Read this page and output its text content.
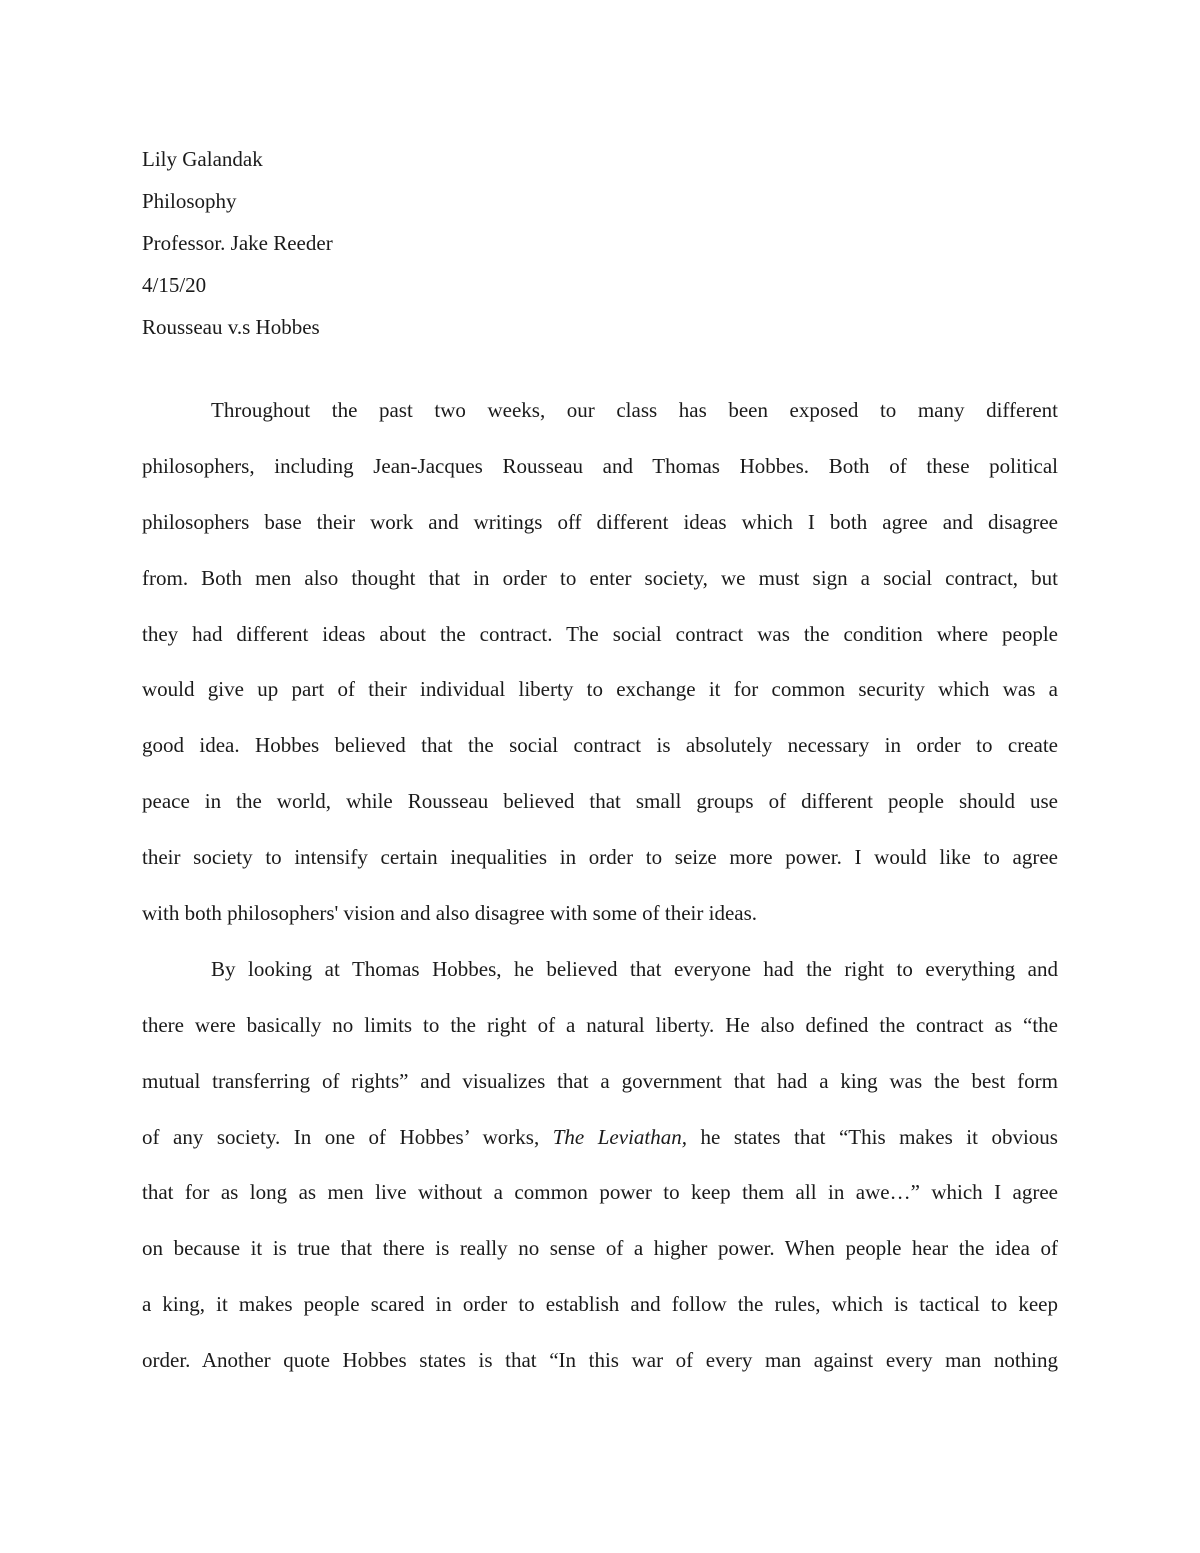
Lily Galandak
Philosophy
Professor. Jake Reeder
4/15/20
Rousseau v.s Hobbes
Throughout the past two weeks, our class has been exposed to many different
philosophers, including Jean-Jacques Rousseau and Thomas Hobbes. Both of these political
philosophers base their work and writings off different ideas which I both agree and disagree
from. Both men also thought that in order to enter society, we must sign a social contract, but
they had different ideas about the contract. The social contract was the condition where people
would give up part of their individual liberty to exchange it for common security which was a
good idea. Hobbes believed that the social contract is absolutely necessary in order to create
peace in the world, while Rousseau believed that small groups of different people should use
their society to intensify certain inequalities in order to seize more power. I would like to agree
with both philosophers' vision and also disagree with some of their ideas.
By looking at Thomas Hobbes, he believed that everyone had the right to everything and
there were basically no limits to the right of a natural liberty. He also defined the contract as “the
mutual transferring of rights” and visualizes that a government that had a king was the best form
of any society. In one of Hobbes’ works, The Leviathan, he states that “This makes it obvious
that for as long as men live without a common power to keep them all in awe…” which I agree
on because it is true that there is really no sense of a higher power. When people hear the idea of
a king, it makes people scared in order to establish and follow the rules, which is tactical to keep
order. Another quote Hobbes states is that “In this war of every man against every man nothing
